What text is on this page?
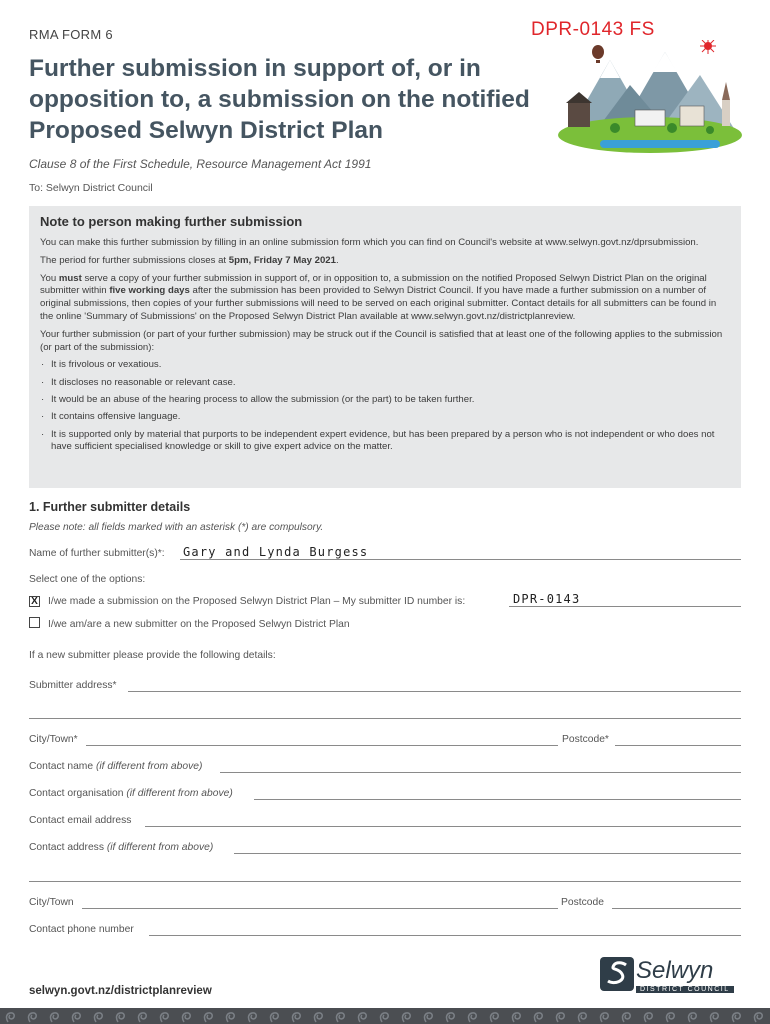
RMA FORM 6	DPR-0143 FS
Further submission in support of, or in opposition to, a submission on the notified Proposed Selwyn District Plan
Clause 8 of the First Schedule, Resource Management Act 1991
To: Selwyn District Council
Note to person making further submission

You can make this further submission by filling in an online submission form which you can find on Council's website at www.selwyn.govt.nz/dprsubmission.

The period for further submissions closes at 5pm, Friday 7 May 2021.

You must serve a copy of your further submission in support of, or in opposition to, a submission on the notified Proposed Selwyn District Plan on the original submitter within five working days after the submission has been provided to Selwyn District Council. If you have made a further submission on a number of original submissions, then copies of your further submissions will need to be served on each original submitter. Contact details for all submitters can be found in the online 'Summary of Submissions' on the Proposed Selwyn District Plan available at www.selwyn.govt.nz/districtplanreview.

Your further submission (or part of your further submission) may be struck out if the Council is satisfied that at least one of the following applies to the submission (or part of the submission):

· It is frivolous or vexatious.
· It discloses no reasonable or relevant case.
· It would be an abuse of the hearing process to allow the submission (or the part) to be taken further.
· It contains offensive language.
· It is supported only by material that purports to be independent expert evidence, but has been prepared by a person who is not independent or who does not have sufficient specialised knowledge or skill to give expert advice on the matter.
1. Further submitter details
Please note: all fields marked with an asterisk (*) are compulsory.
Name of further submitter(s)*: Gary and Lynda Burgess
Select one of the options:
X I/we made a submission on the Proposed Selwyn District Plan – My submitter ID number is:	DPR-0143
I/we am/are a new submitter on the Proposed Selwyn District Plan
If a new submitter please provide the following details:
Submitter address*
City/Town*	Postcode*
Contact name (if different from above)
Contact organisation (if different from above)
Contact email address
Contact address (if different from above)
City/Town	Postcode
Contact phone number
selwyn.govt.nz/districtplanreview
Selwyn
DISTRICT COUNCIL
